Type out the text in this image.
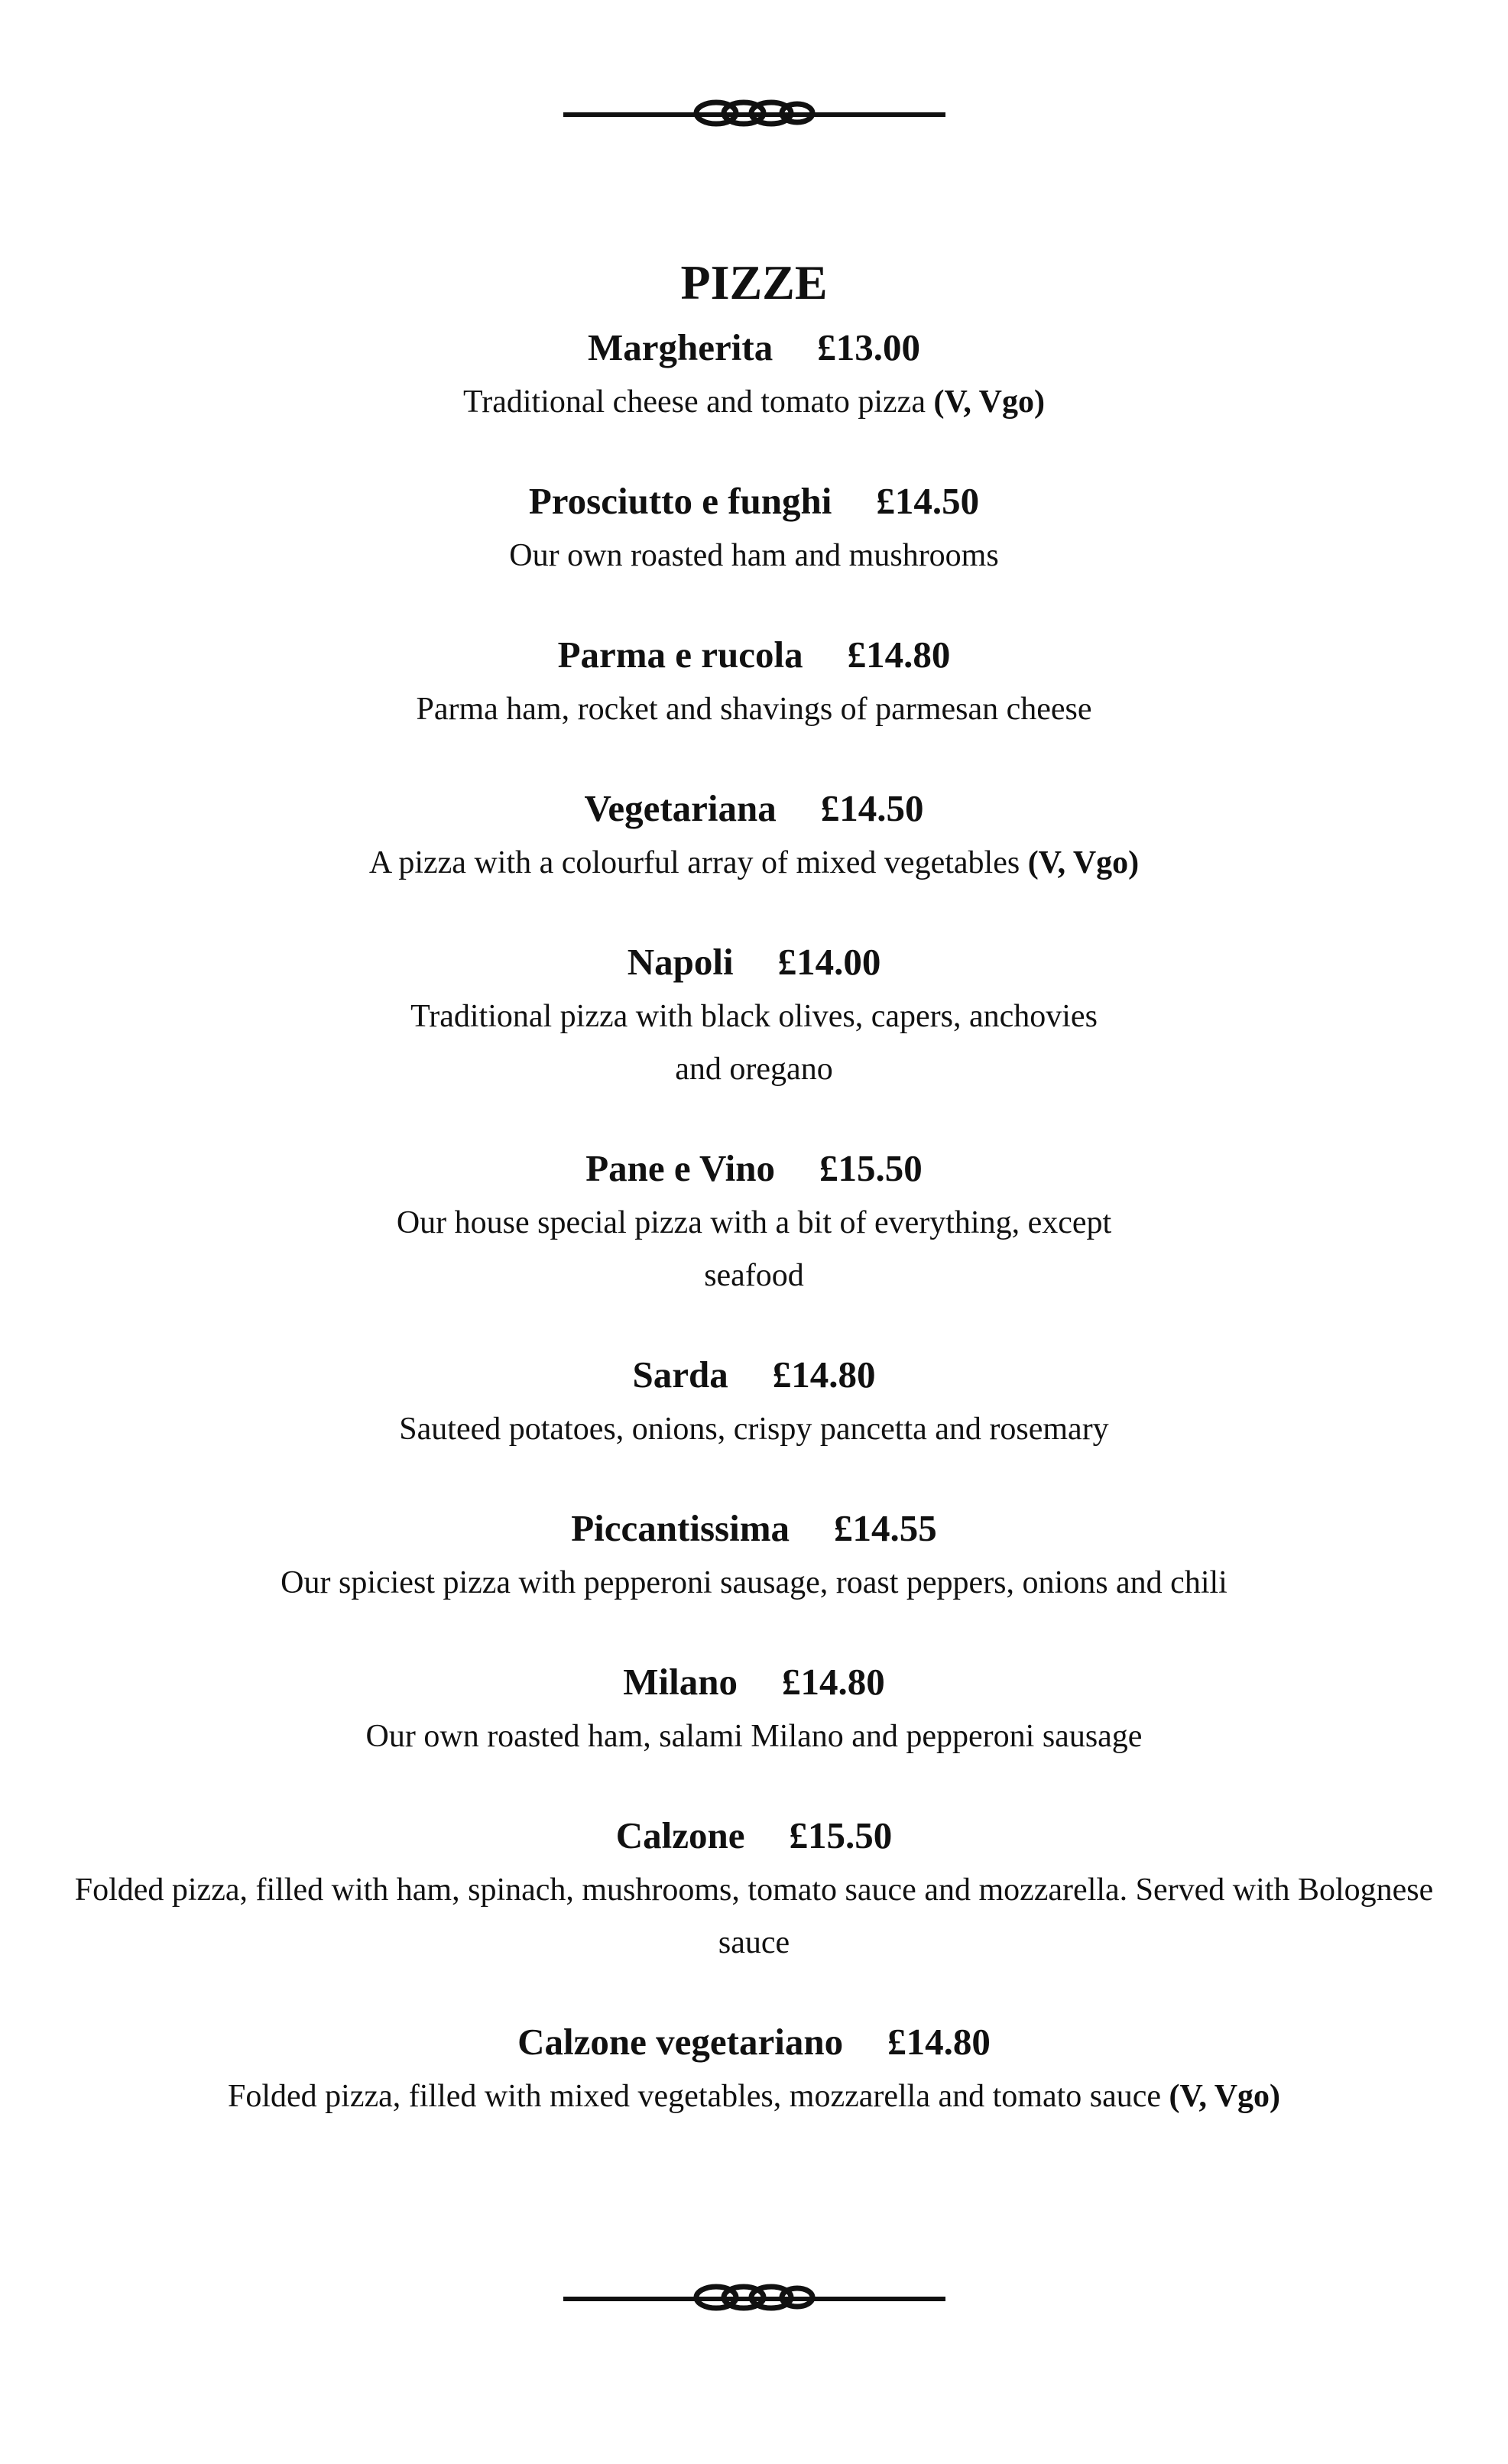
PIZZE
Margherita £13.00
Traditional cheese and tomato pizza (V, Vgo)
Prosciutto e funghi £14.50
Our own roasted ham and mushrooms
Parma e rucola £14.80
Parma ham, rocket and shavings of parmesan cheese
Vegetariana £14.50
A pizza with a colourful array of mixed vegetables (V, Vgo)
Napoli £14.00
Traditional pizza with black olives, capers, anchovies and oregano
Pane e Vino £15.50
Our house special pizza with a bit of everything, except seafood
Sarda £14.80
Sauteed potatoes, onions, crispy pancetta and rosemary
Piccantissima £14.55
Our spiciest pizza with pepperoni sausage, roast peppers, onions and chili
Milano £14.80
Our own roasted ham, salami Milano and pepperoni sausage
Calzone £15.50
Folded pizza, filled with ham, spinach, mushrooms, tomato sauce and mozzarella. Served with Bolognese sauce
Calzone vegetariano £14.80
Folded pizza, filled with mixed vegetables, mozzarella and tomato sauce (V, Vgo)
